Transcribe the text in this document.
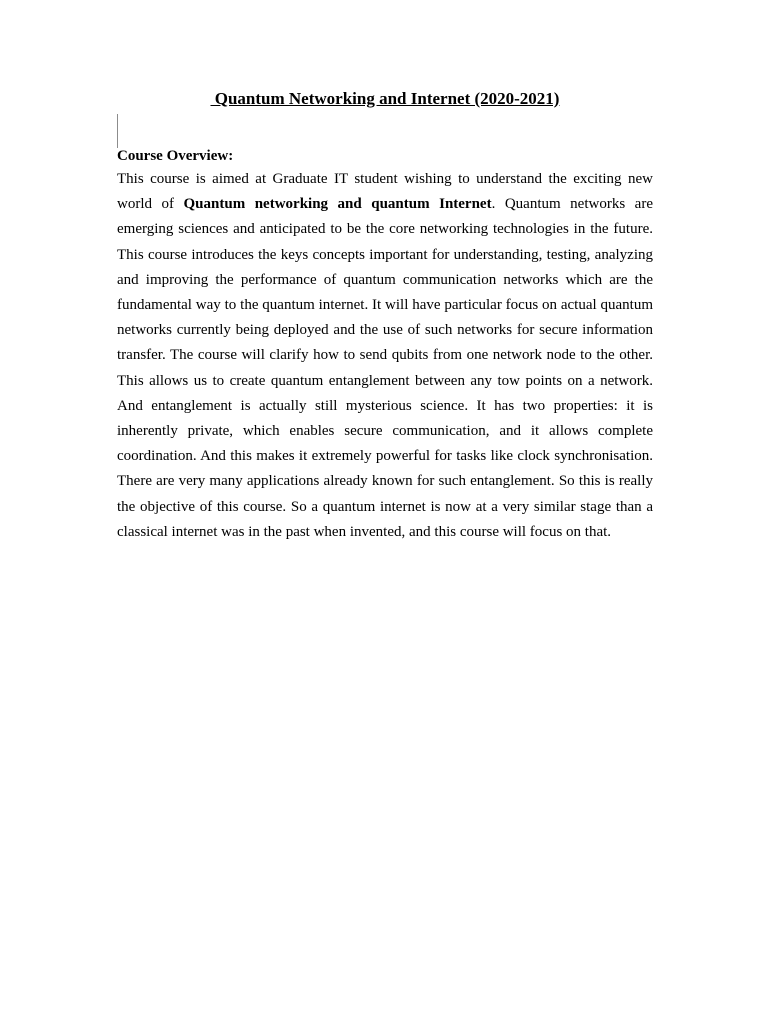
Quantum Networking and Internet (2020-2021)
Course Overview:

This course is aimed at Graduate IT student wishing to understand the exciting new world of Quantum networking and quantum Internet. Quantum networks are emerging sciences and anticipated to be the core networking technologies in the future. This course introduces the keys concepts important for understanding, testing, analyzing and improving the performance of quantum communication networks which are the fundamental way to the quantum internet. It will have particular focus on actual quantum networks currently being deployed and the use of such networks for secure information transfer. The course will clarify how to send qubits from one network node to the other. This allows us to create quantum entanglement between any tow points on a network. And entanglement is actually still mysterious science. It has two properties: it is inherently private, which enables secure communication, and it allows complete coordination. And this makes it extremely powerful for tasks like clock synchronisation. There are very many applications already known for such entanglement. So this is really the objective of this course. So a quantum internet is now at a very similar stage than a classical internet was in the past when invented, and this course will focus on that.
